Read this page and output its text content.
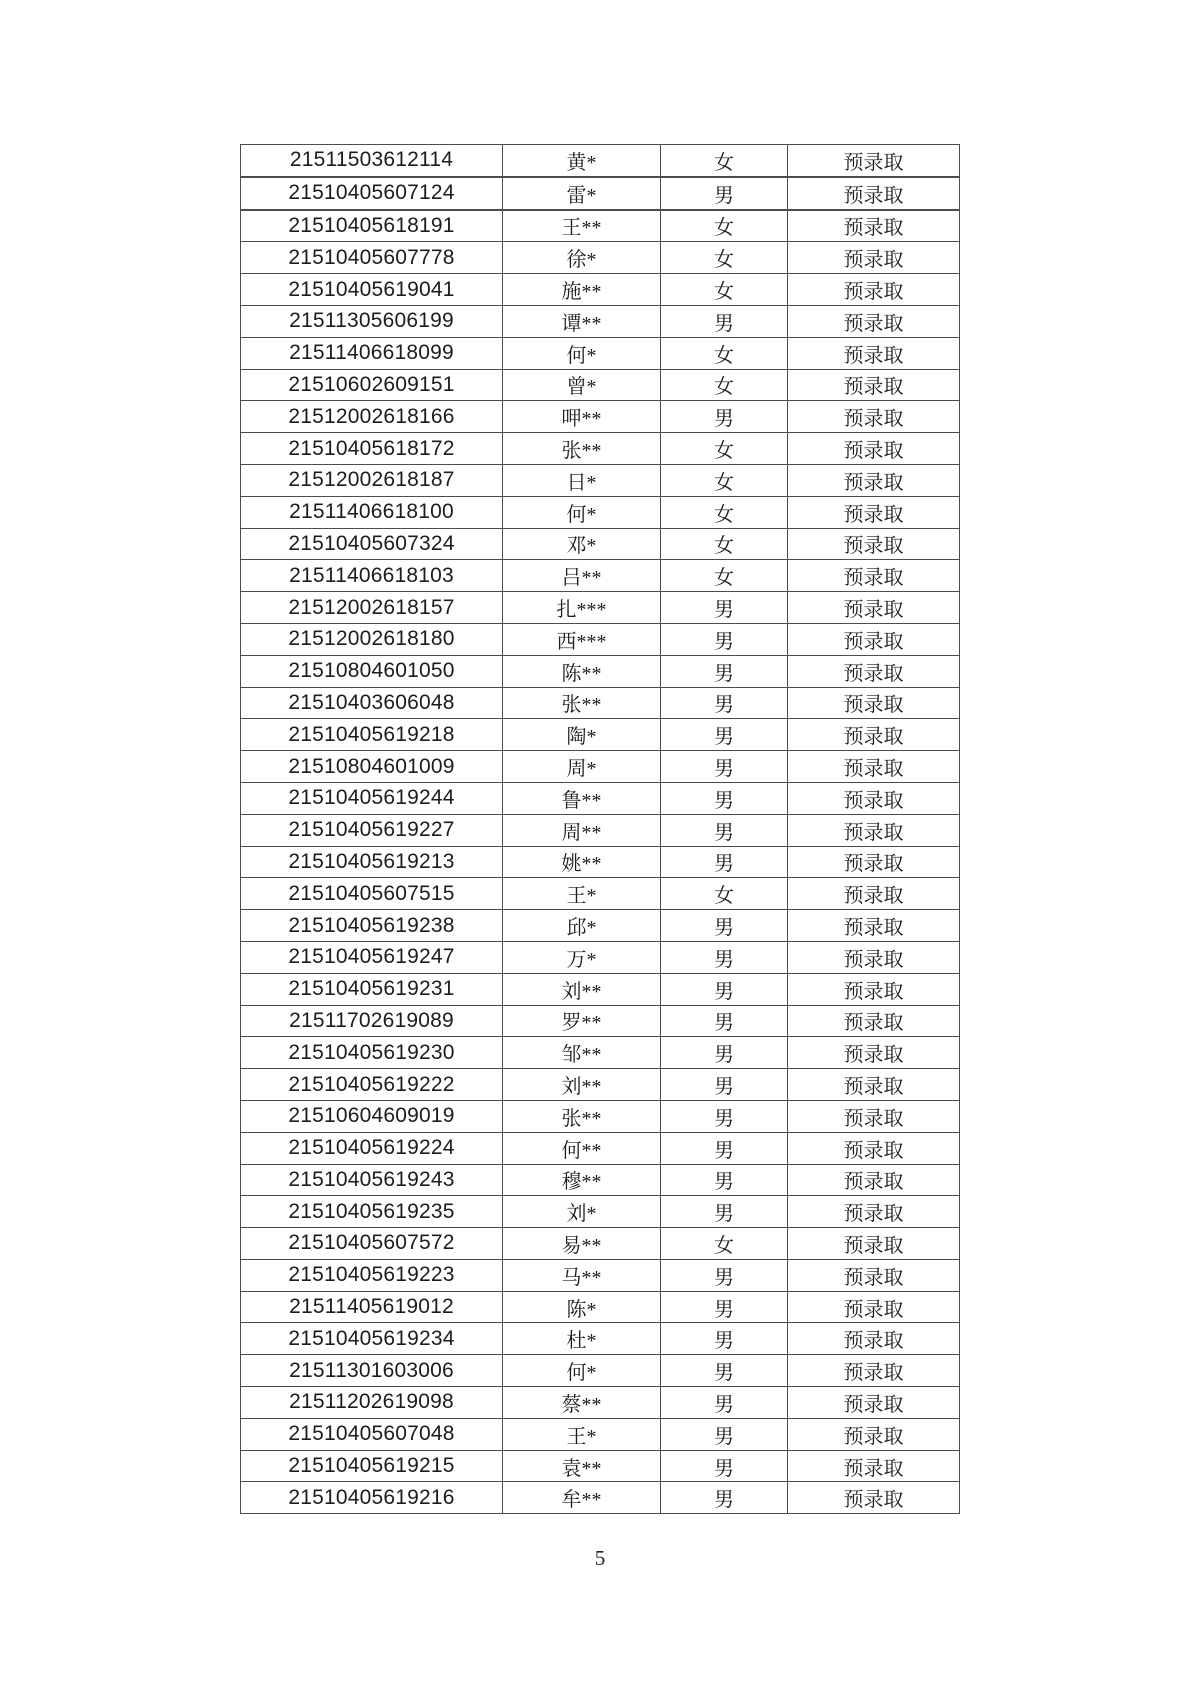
21511503612114	黄*	女	预录取
21510405607124	雷*	男	预录取
21510405618191	王**	女	预录取
21510405607778	徐*	女	预录取
21510405619041	施**	女	预录取
21511305606199	谭**	男	预录取
21511406618099	何*	女	预录取
21510602609151	曾*	女	预录取
21512002618166	呷**	男	预录取
21510405618172	张**	女	预录取
21512002618187	日*	女	预录取
21511406618100	何*	女	预录取
21510405607324	邓*	女	预录取
21511406618103	吕**	女	预录取
21512002618157	扎***	男	预录取
21512002618180	西***	男	预录取
21510804601050	陈**	男	预录取
21510403606048	张**	男	预录取
21510405619218	陶*	男	预录取
21510804601009	周*	男	预录取
21510405619244	鲁**	男	预录取
21510405619227	周**	男	预录取
21510405619213	姚**	男	预录取
21510405607515	王*	女	预录取
21510405619238	邱*	男	预录取
21510405619247	万*	男	预录取
21510405619231	刘**	男	预录取
21511702619089	罗**	男	预录取
21510405619230	邹**	男	预录取
21510405619222	刘**	男	预录取
21510604609019	张**	男	预录取
21510405619224	何**	男	预录取
21510405619243	穆**	男	预录取
21510405619235	刘*	男	预录取
21510405607572	易**	女	预录取
21510405619223	马**	男	预录取
21511405619012	陈*	男	预录取
21510405619234	杜*	男	预录取
21511301603006	何*	男	预录取
21511202619098	蔡**	男	预录取
21510405607048	王*	男	预录取
21510405619215	袁**	男	预录取
21510405619216	牟**	男	预录取
5
